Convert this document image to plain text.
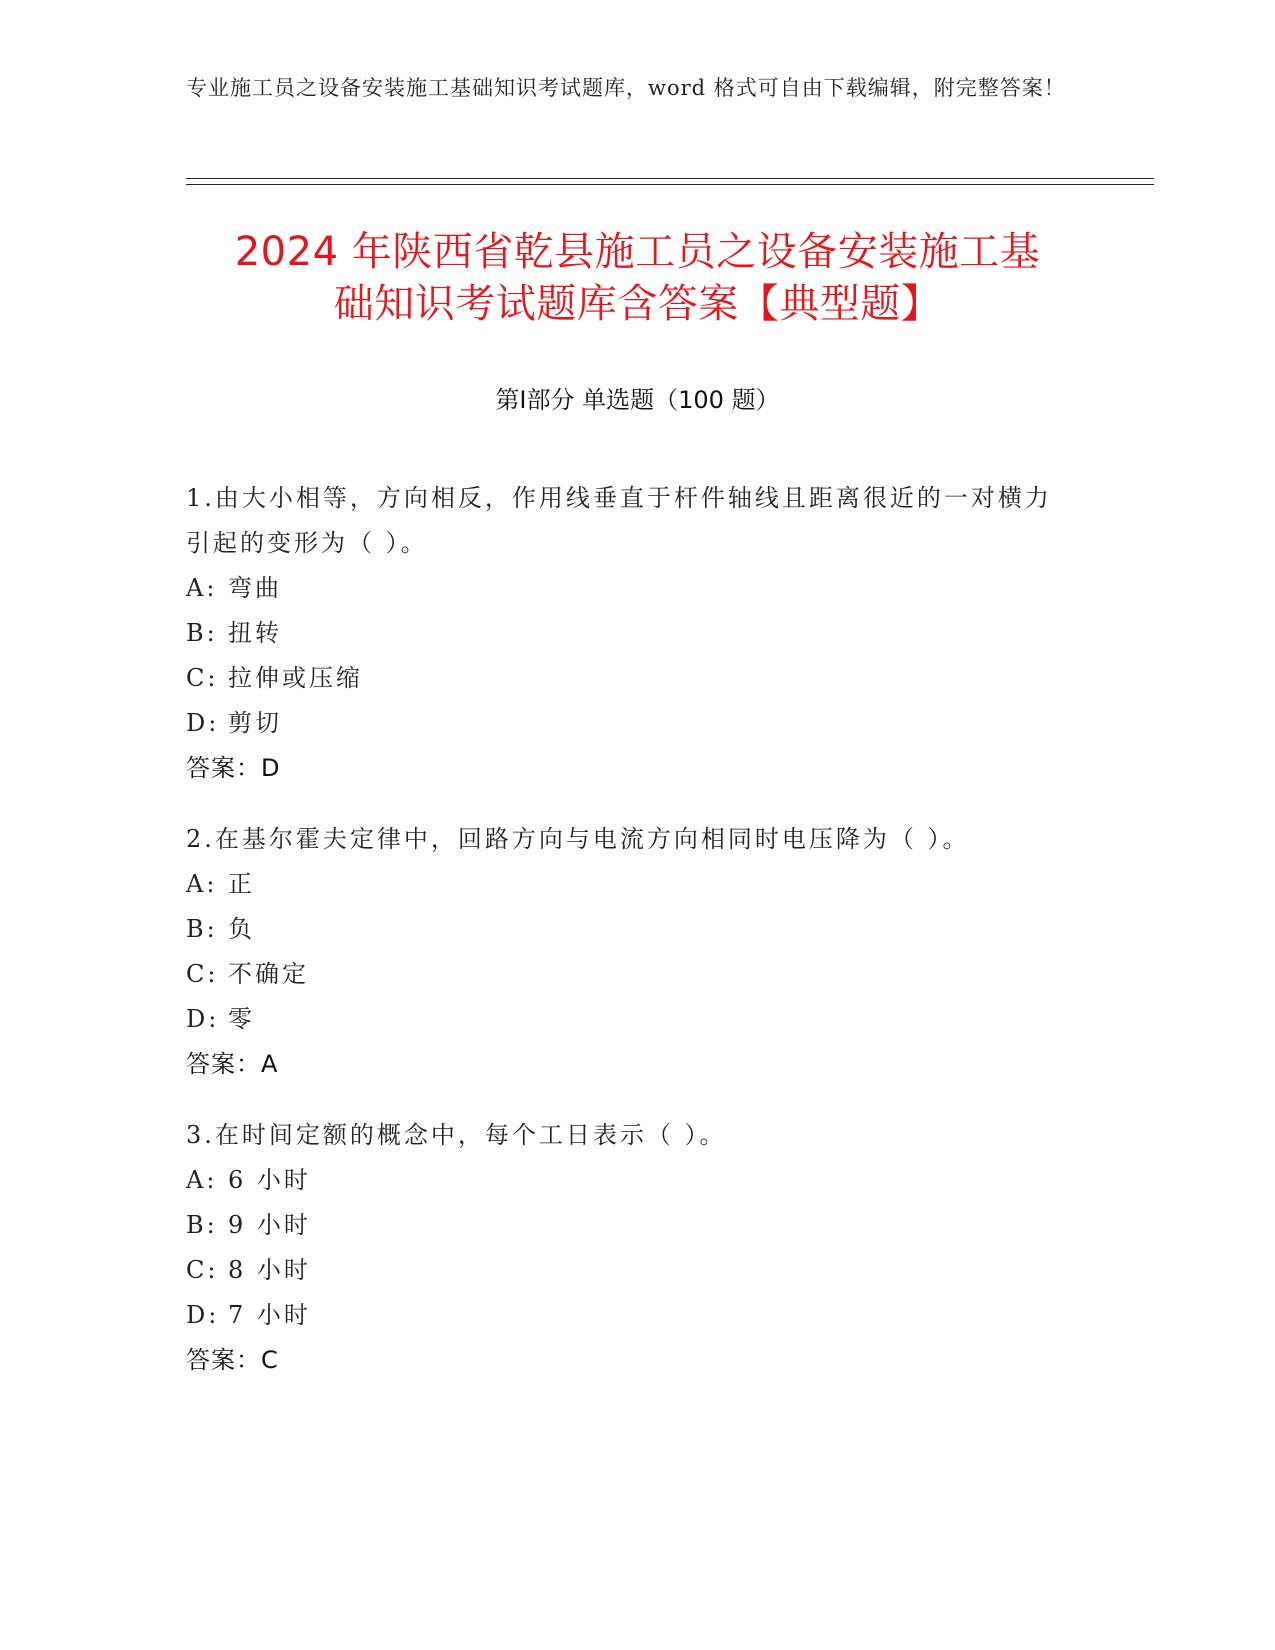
专业施工员之设备安装施工基础知识考试题库，word 格式可自由下载编辑，附完整答案！
2024 年陕西省乾县施工员之设备安装施工基
础知识考试题库含答案【典型题】
第Ⅰ部分 单选题（100 题）
1.由大小相等，方向相反，作用线垂直于杆件轴线且距离很近的一对横力引起的变形为（ ）。
A: 弯曲
B: 扭转
C: 拉伸或压缩
D: 剪切
答案：D
2.在基尔霍夫定律中，回路方向与电流方向相同时电压降为（ ）。
A: 正
B: 负
C: 不确定
D: 零
答案：A
3.在时间定额的概念中，每个工日表示（ ）。
A: 6 小时
B: 9 小时
C: 8 小时
D: 7 小时
答案：C
